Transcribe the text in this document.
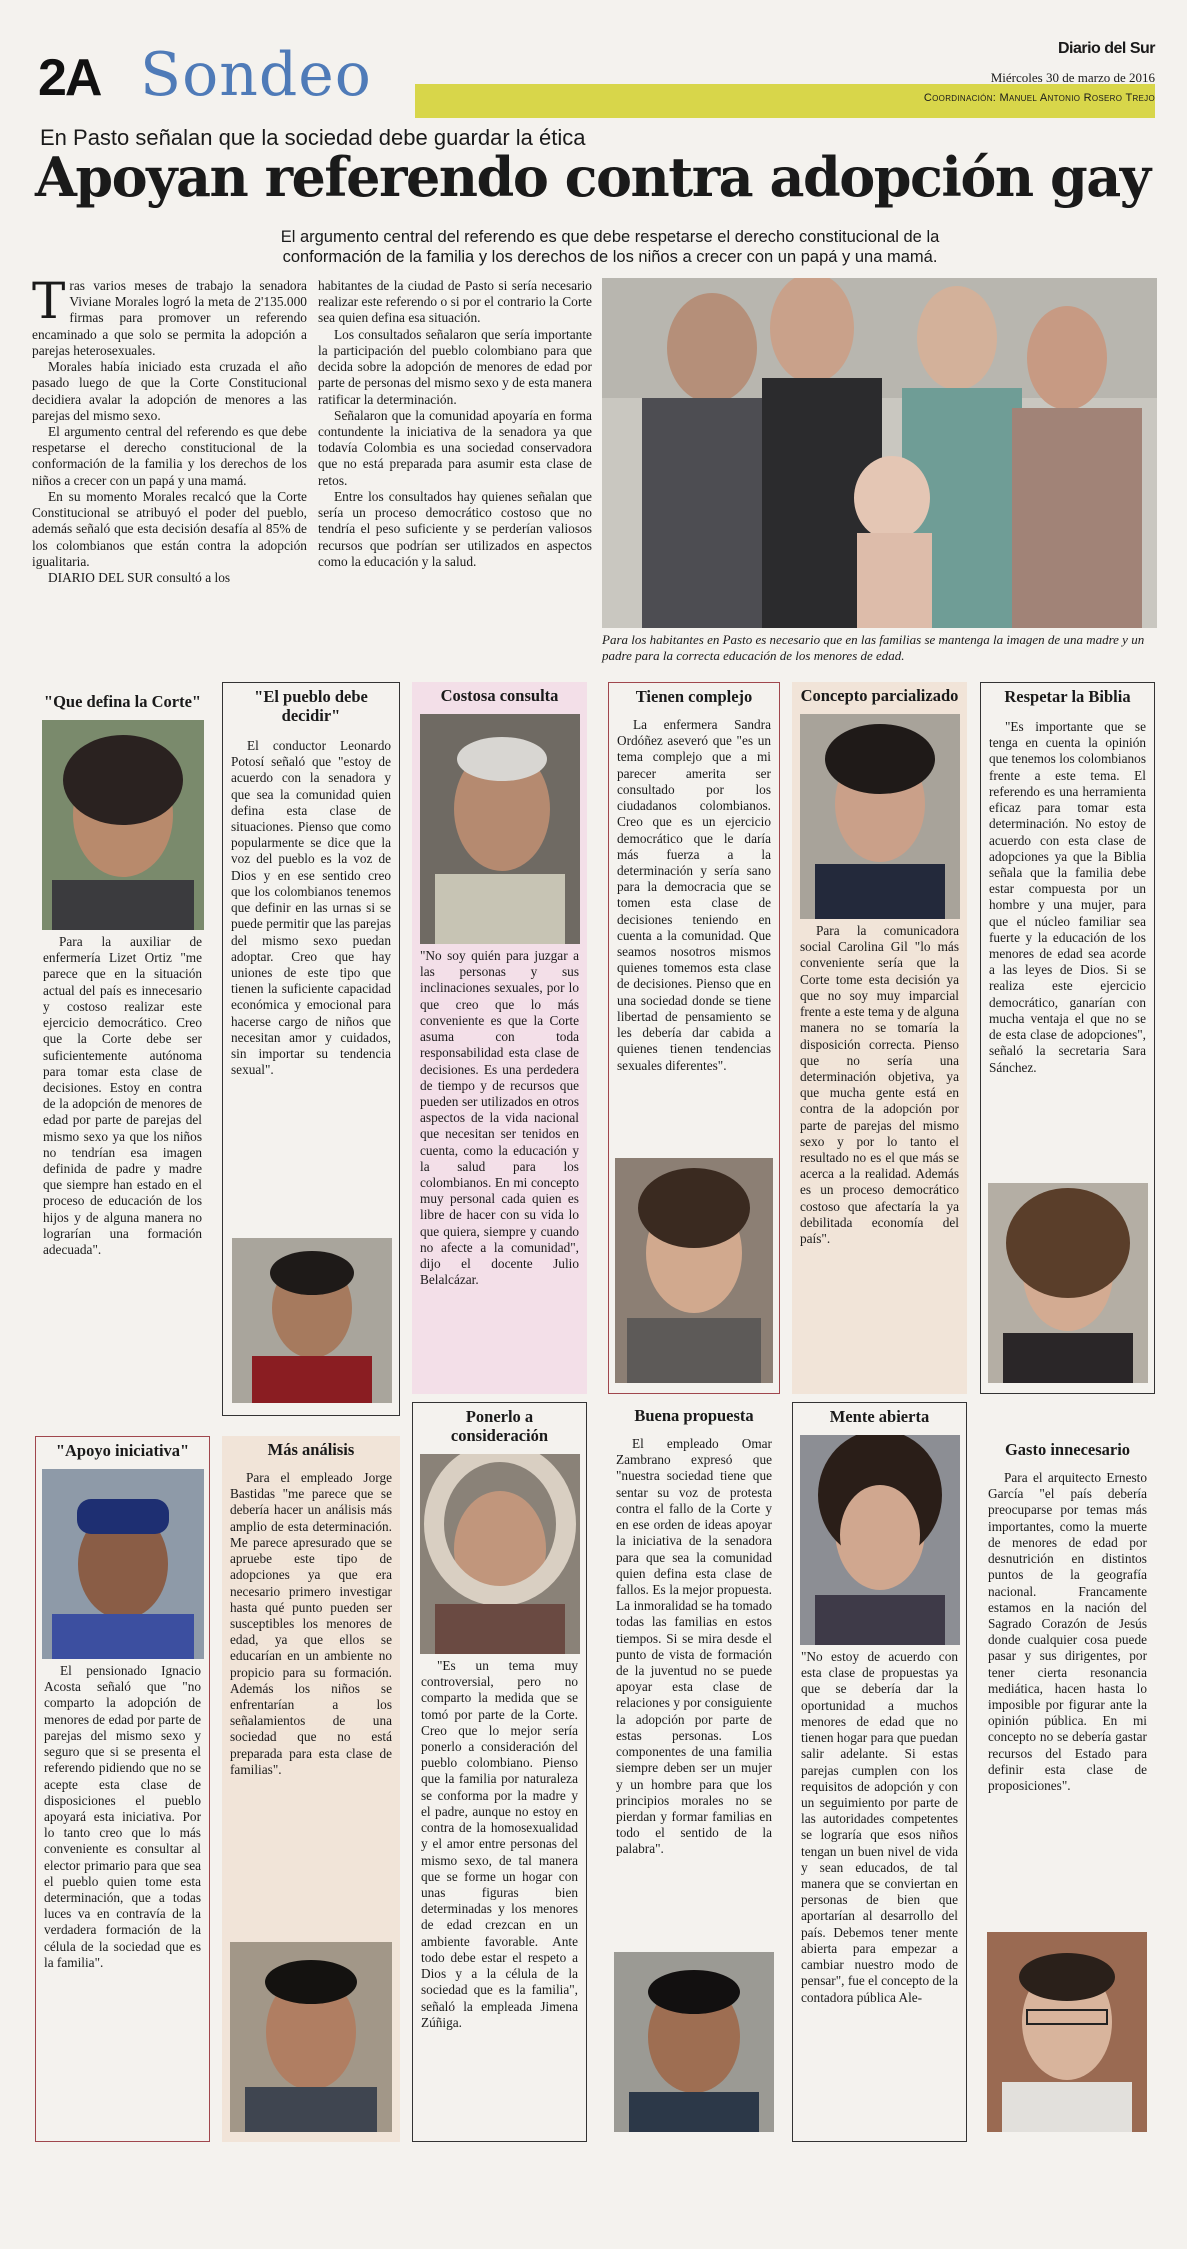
2A Sondeo	Diario del Sur
Miércoles 30 de marzo de 2016
Coordinación: Manuel Antonio Rosero Trejo
En Pasto señalan que la sociedad debe guardar la ética
Apoyan referendo contra adopción gay
El argumento central del referendo es que debe respetarse el derecho constitucional de la conformación de la familia y los derechos de los niños a crecer con un papá y una mamá.

Tras varios meses de trabajo la senadora Viviane Morales logró la meta de 2'135.000 firmas para promover un referendo encaminado a que solo se permita la adopción a parejas heterosexuales.

Morales había iniciado esta cruzada el año pasado luego de que la Corte Constitucional decidiera avalar la adopción de menores a las parejas del mismo sexo.

El argumento central del referendo es que debe respetarse el derecho constitucional de la conformación de la familia y los derechos de los niños a crecer con un papá y una mamá.

En su momento Morales recalcó que la Corte Constitucional se atribuyó el poder del pueblo, además señaló que esta decisión desafía al 85% de los colombianos que están contra la adopción igualitaria.

DIARIO DEL SUR consultó a los

habitantes de la ciudad de Pasto si sería necesario realizar este referendo o si por el contrario la Corte sea quien defina esa situación.

Los consultados señalaron que sería importante la participación del pueblo colombiano para que decida sobre la adopción de menores de edad por parte de personas del mismo sexo y de esta manera ratificar la determinación.

Señalaron que la comunidad apoyaría en forma contundente la iniciativa de la senadora ya que todavía Colombia es una sociedad conservadora que no está preparada para asumir esta clase de retos.

Entre los consultados hay quienes señalan que sería un proceso democrático costoso que no tendría el peso suficiente y se perderían valiosos recursos que podrían ser utilizados en aspectos como la educación y la salud.

Para los habitantes en Pasto es necesario que en las familias se mantenga la imagen de una madre y un padre para la correcta educación de los menores de edad.
"Que defina la Corte"
Para la auxiliar de enfermería Lizet Ortiz "me parece que en la situación actual del país es innecesario y costoso realizar este ejercicio democrático. Creo que la Corte debe ser suficientemente autónoma para tomar esta clase de decisiones. Estoy en contra de la adopción de menores de edad por parte de parejas del mismo sexo ya que los niños no tendrían esa imagen definida de padre y madre que siempre han estado en el proceso de educación de los hijos y de alguna manera no lograrían una formación adecuada".
"El pueblo debe decidir"
El conductor Leonardo Potosí señaló que "estoy de acuerdo con la senadora y que sea la comunidad quien defina esta clase de situaciones. Pienso que como popularmente se dice que la voz del pueblo es la voz de Dios y en ese sentido creo que los colombianos tenemos que definir en las urnas si se puede permitir que las parejas del mismo sexo puedan adoptar. Creo que hay uniones de este tipo que tienen la suficiente capacidad económica y emocional para hacerse cargo de niños que necesitan amor y cuidados, sin importar su tendencia sexual".
Costosa consulta
"No soy quién para juzgar a las personas y sus inclinaciones sexuales, por lo que creo que lo más conveniente es que la Corte asuma con toda responsabilidad esta clase de decisiones. Es una perdedera de tiempo y de recursos que pueden ser utilizados en otros aspectos de la vida nacional que necesitan ser tenidos en cuenta, como la educación y la salud para los colombianos. En mi concepto muy personal cada quien es libre de hacer con su vida lo que quiera, siempre y cuando no afecte a la comunidad", dijo el docente Julio Belalcázar.
Tienen complejo
La enfermera Sandra Ordóñez aseveró que "es un tema complejo que a mi parecer amerita ser consultado por los ciudadanos colombianos. Creo que es un ejercicio democrático que le daría más fuerza a la determinación y sería sano para la democracia que se tomen esta clase de decisiones teniendo en cuenta a la comunidad. Que seamos nosotros mismos quienes tomemos esta clase de decisiones. Pienso que en una sociedad donde se tiene libertad de pensamiento se les debería dar cabida a quienes tienen tendencias sexuales diferentes".
Concepto parcializado
Para la comunicadora social Carolina Gil "lo más conveniente sería que la Corte tome esta decisión ya que no soy muy imparcial frente a este tema y de alguna manera no se tomaría la disposición correcta. Pienso que no sería una determinación objetiva, ya que mucha gente está en contra de la adopción por parte de parejas del mismo sexo y por lo tanto el resultado no es el que más se acerca a la realidad. Además es un proceso democrático costoso que afectaría la ya debilitada economía del país".
Respetar la Biblia
"Es importante que se tenga en cuenta la opinión que tenemos los colombianos frente a este tema. El referendo es una herramienta eficaz para tomar esta determinación. No estoy de acuerdo con esta clase de adopciones ya que la Biblia señala que la familia debe estar compuesta por un hombre y una mujer, para que el núcleo familiar sea fuerte y la educación de los menores de edad sea acorde a las leyes de Dios. Si se realiza este ejercicio democrático, ganarían con mucha ventaja el que no se de esta clase de adopciones", señaló la secretaria Sara Sánchez.
"Apoyo iniciativa"
El pensionado Ignacio Acosta señaló que "no comparto la adopción de menores de edad por parte de parejas del mismo sexo y seguro que si se presenta el referendo pidiendo que no se acepte esta clase de disposiciones el pueblo apoyará esta iniciativa. Por lo tanto creo que lo más conveniente es consultar al elector primario para que sea el pueblo quien tome esta determinación, que a todas luces va en contravía de la verdadera formación de la célula de la sociedad que es la familia".
Más análisis
Para el empleado Jorge Bastidas "me parece que se debería hacer un análisis más amplio de esta determinación. Me parece apresurado que se apruebe este tipo de adopciones ya que era necesario primero investigar hasta qué punto pueden ser susceptibles los menores de edad, ya que ellos se educarían en un ambiente no propicio para su formación. Además los niños se enfrentarían a los señalamientos de una sociedad que no está preparada para esta clase de familias".
Ponerlo a consideración
"Es un tema muy controversial, pero no comparto la medida que se tomó por parte de la Corte. Creo que lo mejor sería ponerlo a consideración del pueblo colombiano. Pienso que la familia por naturaleza se conforma por la madre y el padre, aunque no estoy en contra de la homosexualidad y el amor entre personas del mismo sexo, de tal manera que se forme un hogar con unas figuras bien determinadas y los menores de edad crezcan en un ambiente favorable. Ante todo debe estar el respeto a Dios y a la célula de la sociedad que es la familia", señaló la empleada Jimena Zúñiga.
Buena propuesta
El empleado Omar Zambrano expresó que "nuestra sociedad tiene que sentar su voz de protesta contra el fallo de la Corte y en ese orden de ideas apoyar la iniciativa de la senadora para que sea la comunidad quien defina esta clase de fallos. Es la mejor propuesta. La inmoralidad se ha tomado todas las familias en estos tiempos. Si se mira desde el punto de vista de formación de la juventud no se puede apoyar esta clase de relaciones y por consiguiente la adopción por parte de estas personas. Los componentes de una familia siempre deben ser un mujer y un hombre para que los principios morales no se pierdan y formar familias en todo el sentido de la palabra".
Mente abierta
"No estoy de acuerdo con esta clase de propuestas ya que se debería dar la oportunidad a muchos menores de edad que no tienen hogar para que puedan salir adelante. Si estas parejas cumplen con los requisitos de adopción y con un seguimiento por parte de las autoridades competentes se lograría que esos niños tengan un buen nivel de vida y sean educados, de tal manera que se conviertan en personas de bien que aportarían al desarrollo del país. Debemos tener mente abierta para empezar a cambiar nuestro modo de pensar", fue el concepto de la contadora pública Ale-
Gasto innecesario
Para el arquitecto Ernesto García "el país debería preocuparse por temas más importantes, como la muerte de menores de edad por desnutrición en distintos puntos de la geografía nacional. Francamente estamos en la nación del Sagrado Corazón de Jesús donde cualquier cosa puede pasar y sus dirigentes, por tener cierta resonancia mediática, hacen hasta lo imposible por figurar ante la opinión pública. En mi concepto no se debería gastar recursos del Estado para definir esta clase de proposiciones".
